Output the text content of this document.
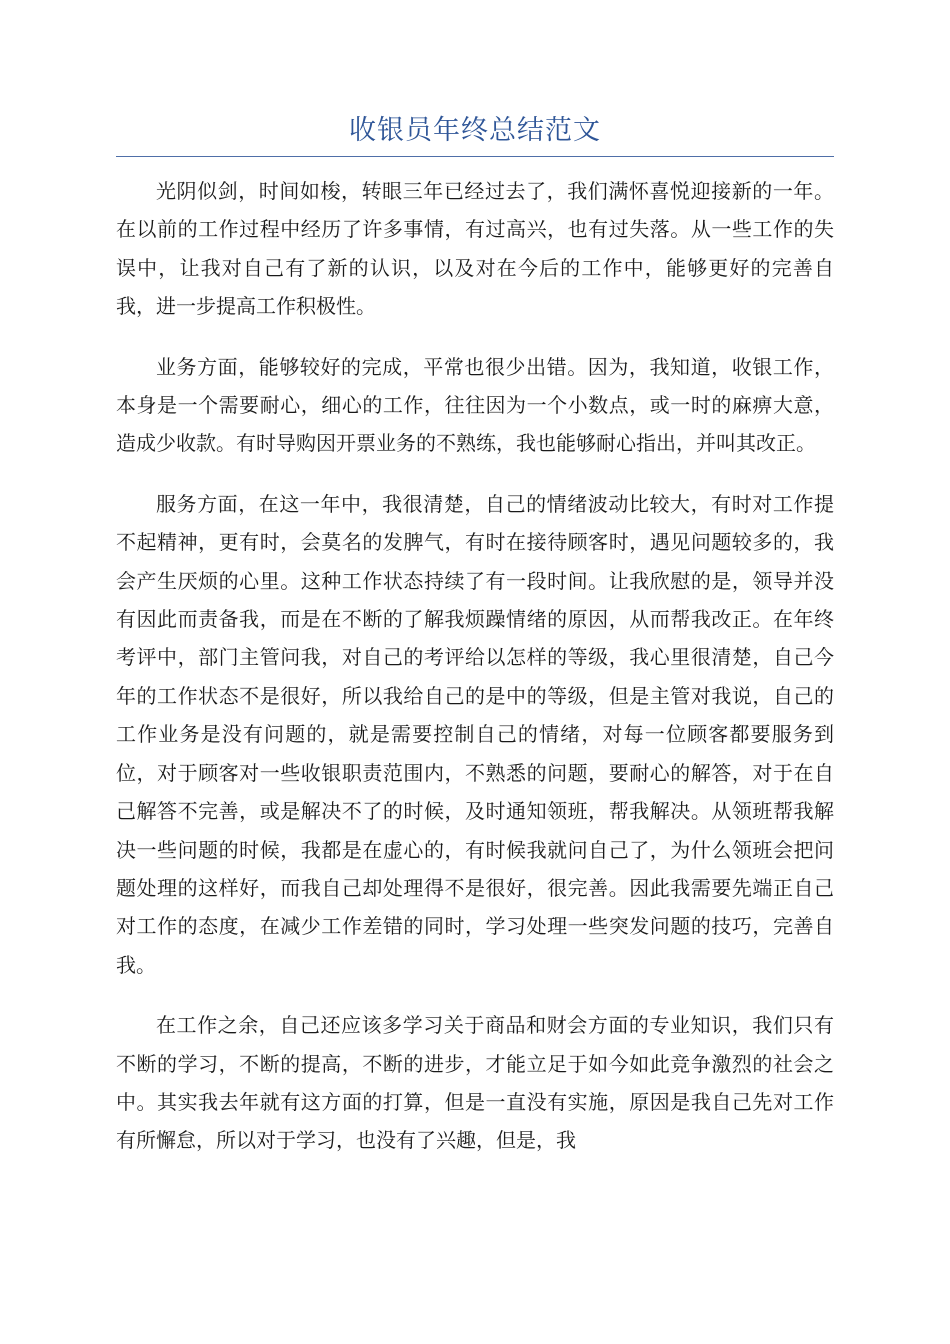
收银员年终总结范文

光阴似剑，时间如梭，转眼三年已经过去了，我们满怀喜悦迎接新的一年。在以前的工作过程中经历了许多事情，有过高兴，也有过失落。从一些工作的失误中，让我对自己有了新的认识，以及对在今后的工作中，能够更好的完善自我，进一步提高工作积极性。

业务方面，能够较好的完成，平常也很少出错。因为，我知道，收银工作，本身是一个需要耐心，细心的工作，往往因为一个小数点，或一时的麻痹大意，造成少收款。有时导购因开票业务的不熟练，我也能够耐心指出，并叫其改正。

服务方面，在这一年中，我很清楚，自己的情绪波动比较大，有时对工作提不起精神，更有时，会莫名的发脾气，有时在接待顾客时，遇见问题较多的，我会产生厌烦的心里。这种工作状态持续了有一段时间。让我欣慰的是，领导并没有因此而责备我，而是在不断的了解我烦躁情绪的原因，从而帮我改正。在年终考评中，部门主管问我，对自己的考评给以怎样的等级，我心里很清楚，自己今年的工作状态不是很好，所以我给自己的是中的等级，但是主管对我说，自己的工作业务是没有问题的，就是需要控制自己的情绪，对每一位顾客都要服务到位，对于顾客对一些收银职责范围内，不熟悉的问题，要耐心的解答，对于在自己解答不完善，或是解决不了的时候，及时通知领班，帮我解决。从领班帮我解决一些问题的时候，我都是在虚心的，有时候我就问自己了，为什么领班会把问题处理的这样好，而我自己却处理得不是很好，很完善。因此我需要先端正自己对工作的态度，在减少工作差错的同时，学习处理一些突发问题的技巧，完善自我。

在工作之余，自己还应该多学习关于商品和财会方面的专业知识，我们只有不断的学习，不断的提高，不断的进步，才能立足于如今如此竞争激烈的社会之中。其实我去年就有这方面的打算，但是一直没有实施，原因是我自己先对工作有所懈怠，所以对于学习，也没有了兴趣，但是，我
